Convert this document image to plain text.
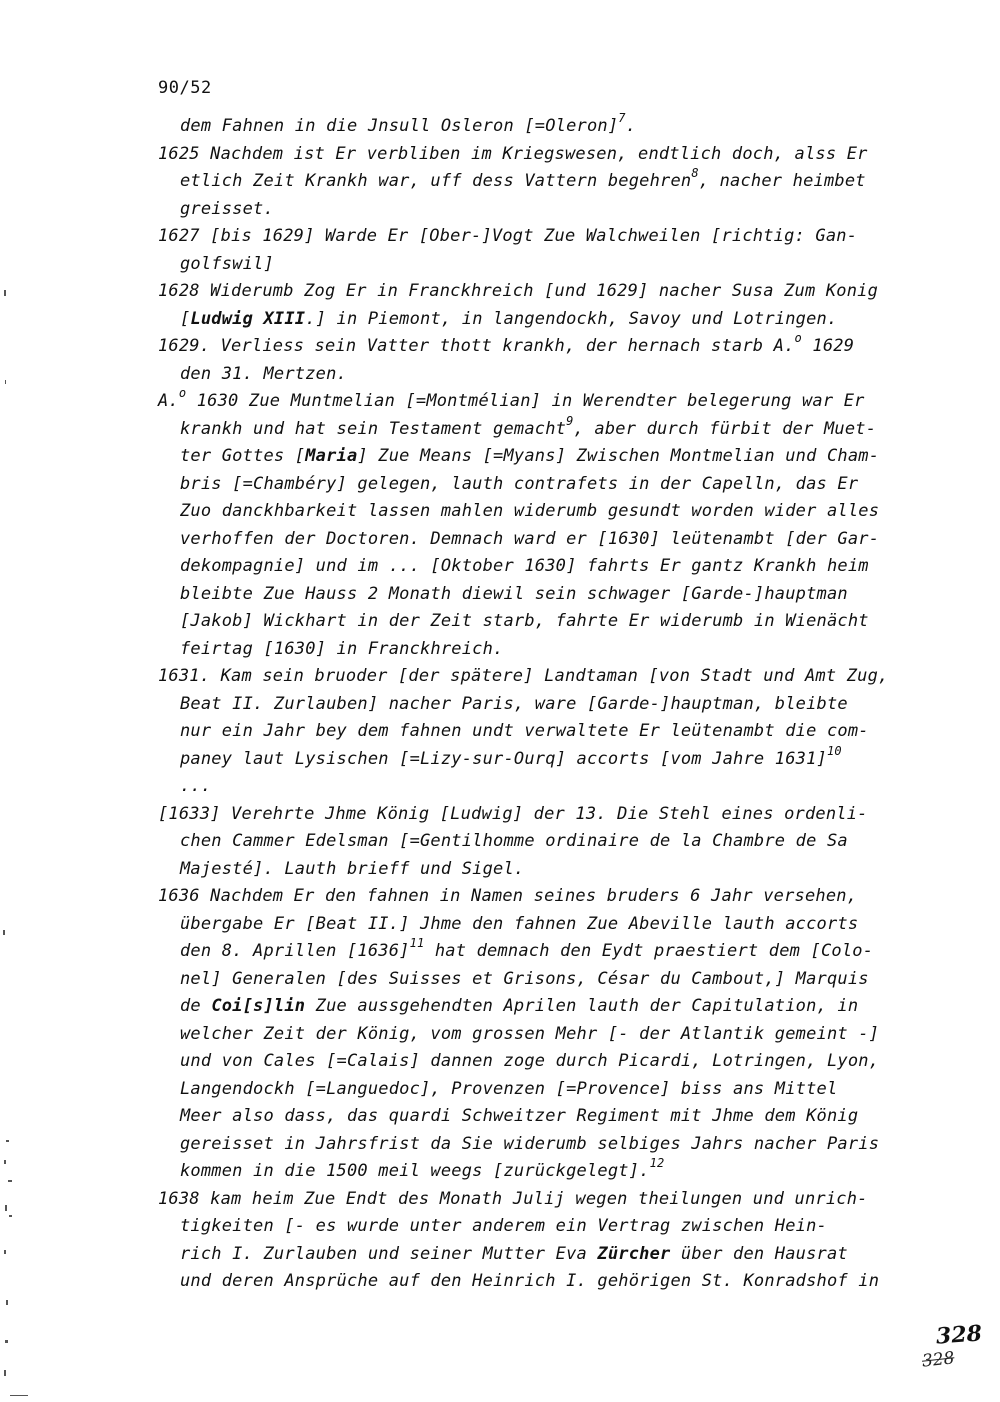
90/52
dem Fahnen in die Jnsull Osleron [=Oleron]$^7$.
1625 Nachdem ist Er verbliben im Kriegswesen, endtlich doch, alss Er
etlich Zeit Krankh war, uff dess Vattern begehren$^8$, nacher heimbet
greisset.
1627 [bis 1629] Warde Er [Ober-]Vogt Zue Walchweilen [richtig: Gan-
golfswil]
1628 Widerumb Zog Er in Franckhreich [und 1629] nacher Susa Zum Konig
[Ludwig XIII.] in Piemont, in langendockh, Savoy und Lotringen.
1629. Verliess sein Vatter thott krankh, der hernach starb A.$^o$ 1629
den 31. Mertzen.
A.$^o$ 1630 Zue Muntmelian [=Montmélian] in Werendter belegerung war Er
krankh und hat sein Testament gemacht$^9$, aber durch fürbit der Muet-
ter Gottes [Maria] Zue Means [=Myans] Zwischen Montmelian und Cham-
bris [=Chambéry] gelegen, lauth contrafets in der Capelln, das Er
Zuo danckhbarkeit lassen mahlen widerumb gesundt worden wider alles
verhoffen der Doctoren. Demnach ward er [1630] leütenambt [der Gar-
dekompagnie] und im ... [Oktober 1630] fahrts Er gantz Krankh heim
bleibte Zue Hauss 2 Monath diewil sein schwager [Garde-]hauptman
[Jakob] Wickhart in der Zeit starb, fahrte Er widerumb in Wienächt
feirtag [1630] in Franckhreich.
1631. Kam sein bruoder [der spätere] Landtaman [von Stadt und Amt Zug,
Beat II. Zurlauben] nacher Paris, ware [Garde-]hauptman, bleibte
nur ein Jahr bey dem fahnen undt verwaltete Er leütenambt die com-
paney laut Lysischen [=Lizy-sur-Ourq] accorts [vom Jahre 1631]$^{10}$
...
[1633] Verehrte Jhme König [Ludwig] der 13. Die Stehl eines ordenli-
chen Cammer Edelsman [=Gentilhomme ordinaire de la Chambre de Sa
Majesté]. Lauth brieff und Sigel.
1636 Nachdem Er den fahnen in Namen seines bruders 6 Jahr versehen,
übergabe Er [Beat II.] Jhme den fahnen Zue Abeville lauth accorts
den 8. Aprillen $[1636]^{11}$ hat demnach den Eydt praestiert dem [Colo-
nel] Generalen [des Suisses et Grisons, César du Cambout,] Marquis
de Coi[s]lin Zue aussgehendten Aprilen lauth der Capitulation, in
welcher Zeit der König, vom grossen Mehr [- der Atlantik gemeint -]
und von Cales [=Calais] dannen zoge durch Picardi, Lotringen, Lyon,
Langendockh [=Languedoc], Provenzen [=Provence] biss ans Mittel
Meer also dass, das quardi Schweitzer Regiment mit Jhme dem König
gereisset in Jahrsfrist da Sie widerumb selbiges Jahrs nacher Paris
kommen in die 1500 meil weegs [zurückgelegt].$^{12}$
1638 kam heim Zue Endt des Monath Julij wegen theilungen und unrich-
tigkeiten [- es wurde unter anderem ein Vertrag zwischen Hein-
rich I. Zurlauben und seiner Mutter Eva Zürcher über den Hausrat
und deren Ansprüche auf den Heinrich I. gehörigen St. Konradshof in
328
328
